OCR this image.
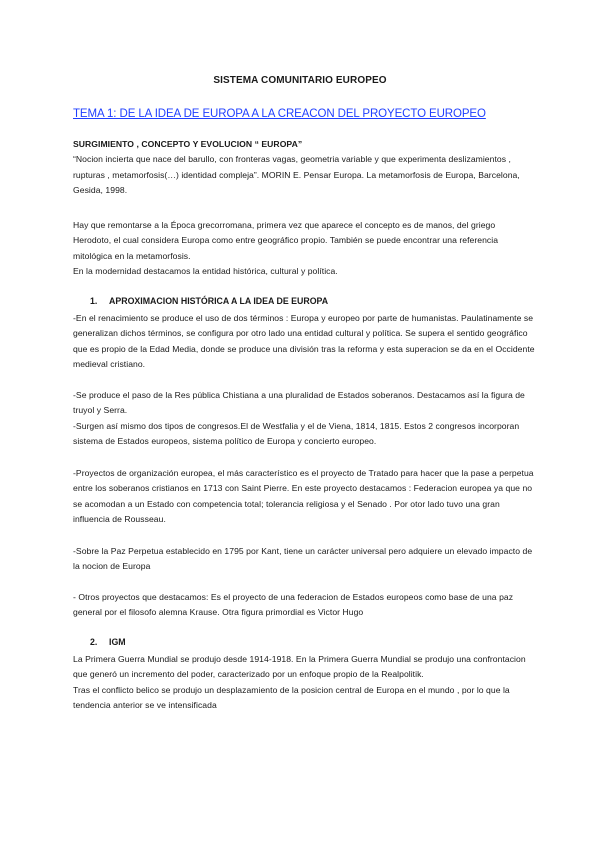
SISTEMA COMUNITARIO EUROPEO
TEMA 1: DE LA IDEA DE EUROPA A LA CREACON DEL PROYECTO EUROPEO

SURGIMIENTO , CONCEPTO Y EVOLUCION “ EUROPA”

“Nocion incierta que nace del barullo, con fronteras vagas, geometria variable y que experimenta deslizamientos , rupturas , metamorfosis(…) identidad compleja”. MORIN E. Pensar Europa. La metamorfosis de Europa, Barcelona, Gesida, 1998.

Hay que remontarse a la Época grecorromana, primera vez que aparece el concepto es de manos, del griego Herodoto, el cual considera Europa como entre geográfico propio. También se puede encontrar una referencia mitológica en la metamorfosis.

En la modernidad destacamos la entidad histórica, cultural y política.

1. APROXIMACION HISTÓRICA A LA IDEA DE EUROPA

-En el renacimiento se produce el uso de dos términos : Europa y europeo por parte de humanistas. Paulatinamente se generalizan dichos términos, se configura por otro lado una entidad cultural y política. Se supera el sentido geográfico que es propio de la Edad Media, donde se produce una división tras la reforma y esta superacion se da en el Occidente medieval cristiano.

-Se produce el paso de la Res pública Chistiana a una pluralidad de Estados soberanos. Destacamos así la figura de truyol y Serra.

-Surgen así mismo dos tipos de congresos.El de Westfalia y el de Viena, 1814, 1815. Estos 2 congresos incorporan sistema de Estados europeos, sistema político de Europa y concierto europeo.

-Proyectos de organización europea, el más característico es el proyecto de Tratado para hacer que la pase a perpetua entre los soberanos cristianos en 1713 con Saint Pierre. En este proyecto destacamos : Federacion europea ya que no se acomodan a un Estado con competencia total; tolerancia religiosa y el Senado . Por otor lado tuvo una gran influencia de Rousseau.

-Sobre la Paz Perpetua establecido en 1795 por Kant, tiene un carácter universal pero adquiere un elevado impacto de la nocion de Europa

- Otros proyectos que destacamos: Es el proyecto de una federacion de Estados europeos como base de una paz general por el filosofo alemna Krause. Otra figura primordial es Victor Hugo

2. IGM

La Primera Guerra Mundial se produjo desde 1914-1918. En la Primera Guerra Mundial se produjo una confrontacion que generó un incremento del poder, caracterizado por un enfoque propio de la Realpolitik.

Tras el conflicto belico se produjo un desplazamiento de la posicion central de Europa en el mundo , por lo que la tendencia anterior se ve intensificada
